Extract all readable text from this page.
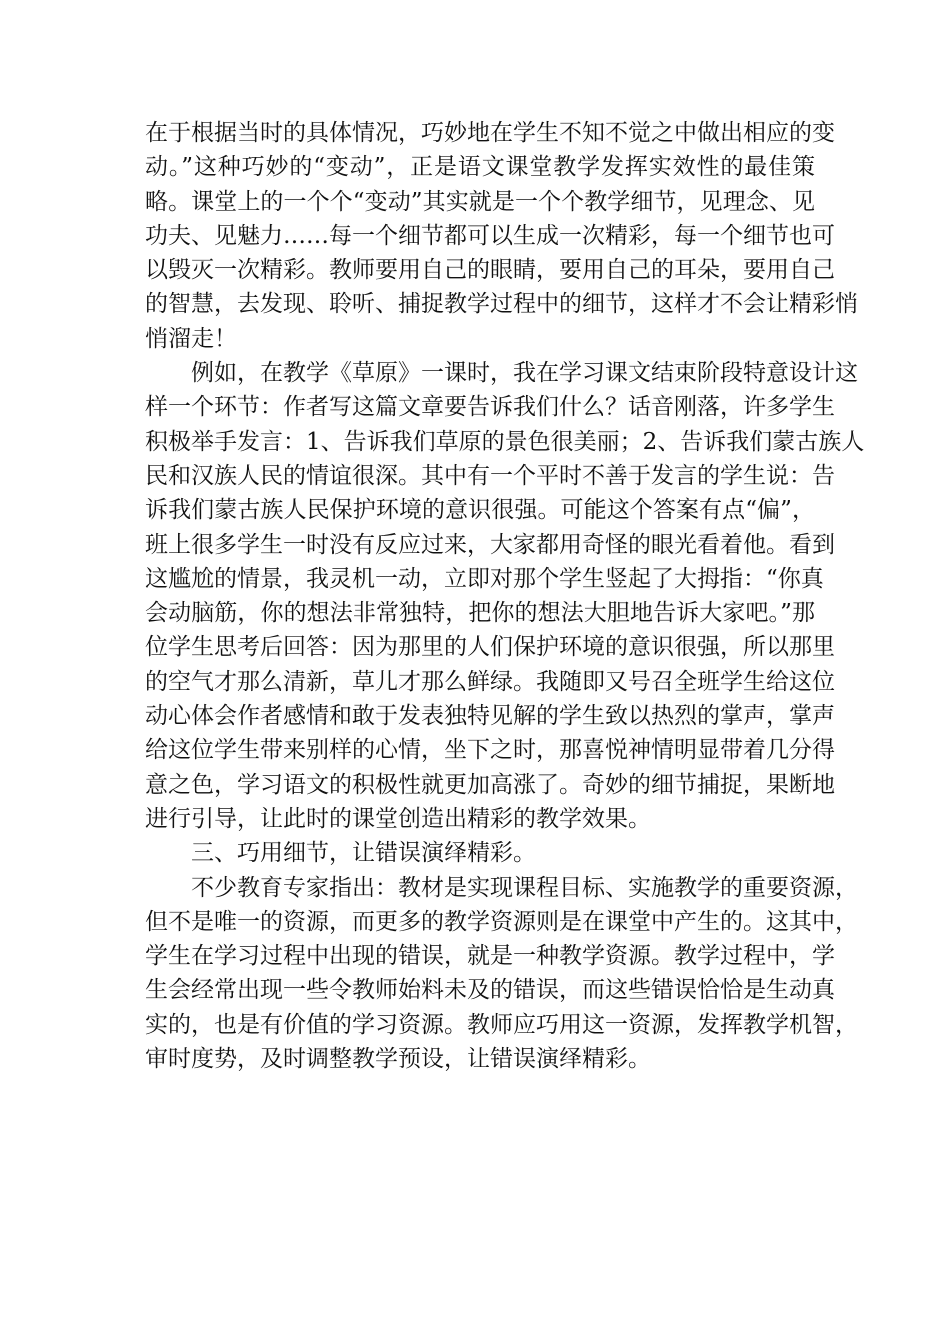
在于根据当时的具体情况，巧妙地在学生不知不觉之中做出相应的变
动。”这种巧妙的“变动”，正是语文课堂教学发挥实效性的最佳策
略。课堂上的一个个“变动”其实就是一个个教学细节，见理念、见
功夫、见魅力……每一个细节都可以生成一次精彩，每一个细节也可
以毁灭一次精彩。教师要用自己的眼睛，要用自己的耳朵，要用自己
的智慧，去发现、聆听、捕捉教学过程中的细节，这样才不会让精彩悄
悄溜走！
例如，在教学《草原》一课时，我在学习课文结束阶段特意设计这
样一个环节：作者写这篇文章要告诉我们什么？话音刚落，许多学生
积极举手发言：1、告诉我们草原的景色很美丽；2、告诉我们蒙古族人
民和汉族人民的情谊很深。其中有一个平时不善于发言的学生说：告
诉我们蒙古族人民保护环境的意识很强。可能这个答案有点“偏”，
班上很多学生一时没有反应过来，大家都用奇怪的眼光看着他。看到
这尴尬的情景，我灵机一动，立即对那个学生竖起了大拇指：“你真
会动脑筋，你的想法非常独特，把你的想法大胆地告诉大家吧。”那
位学生思考后回答：因为那里的人们保护环境的意识很强，所以那里
的空气才那么清新，草儿才那么鲜绿。我随即又号召全班学生给这位
动心体会作者感情和敢于发表独特见解的学生致以热烈的掌声，掌声
给这位学生带来别样的心情，坐下之时，那喜悦神情明显带着几分得
意之色，学习语文的积极性就更加高涨了。奇妙的细节捕捉，果断地
进行引导，让此时的课堂创造出精彩的教学效果。
三、巧用细节，让错误演绎精彩。
不少教育专家指出：教材是实现课程目标、实施教学的重要资源，
但不是唯一的资源，而更多的教学资源则是在课堂中产生的。这其中，
学生在学习过程中出现的错误，就是一种教学资源。教学过程中，学
生会经常出现一些令教师始料未及的错误，而这些错误恰恰是生动真
实的，也是有价值的学习资源。教师应巧用这一资源，发挥教学机智，
审时度势，及时调整教学预设，让错误演绎精彩。
